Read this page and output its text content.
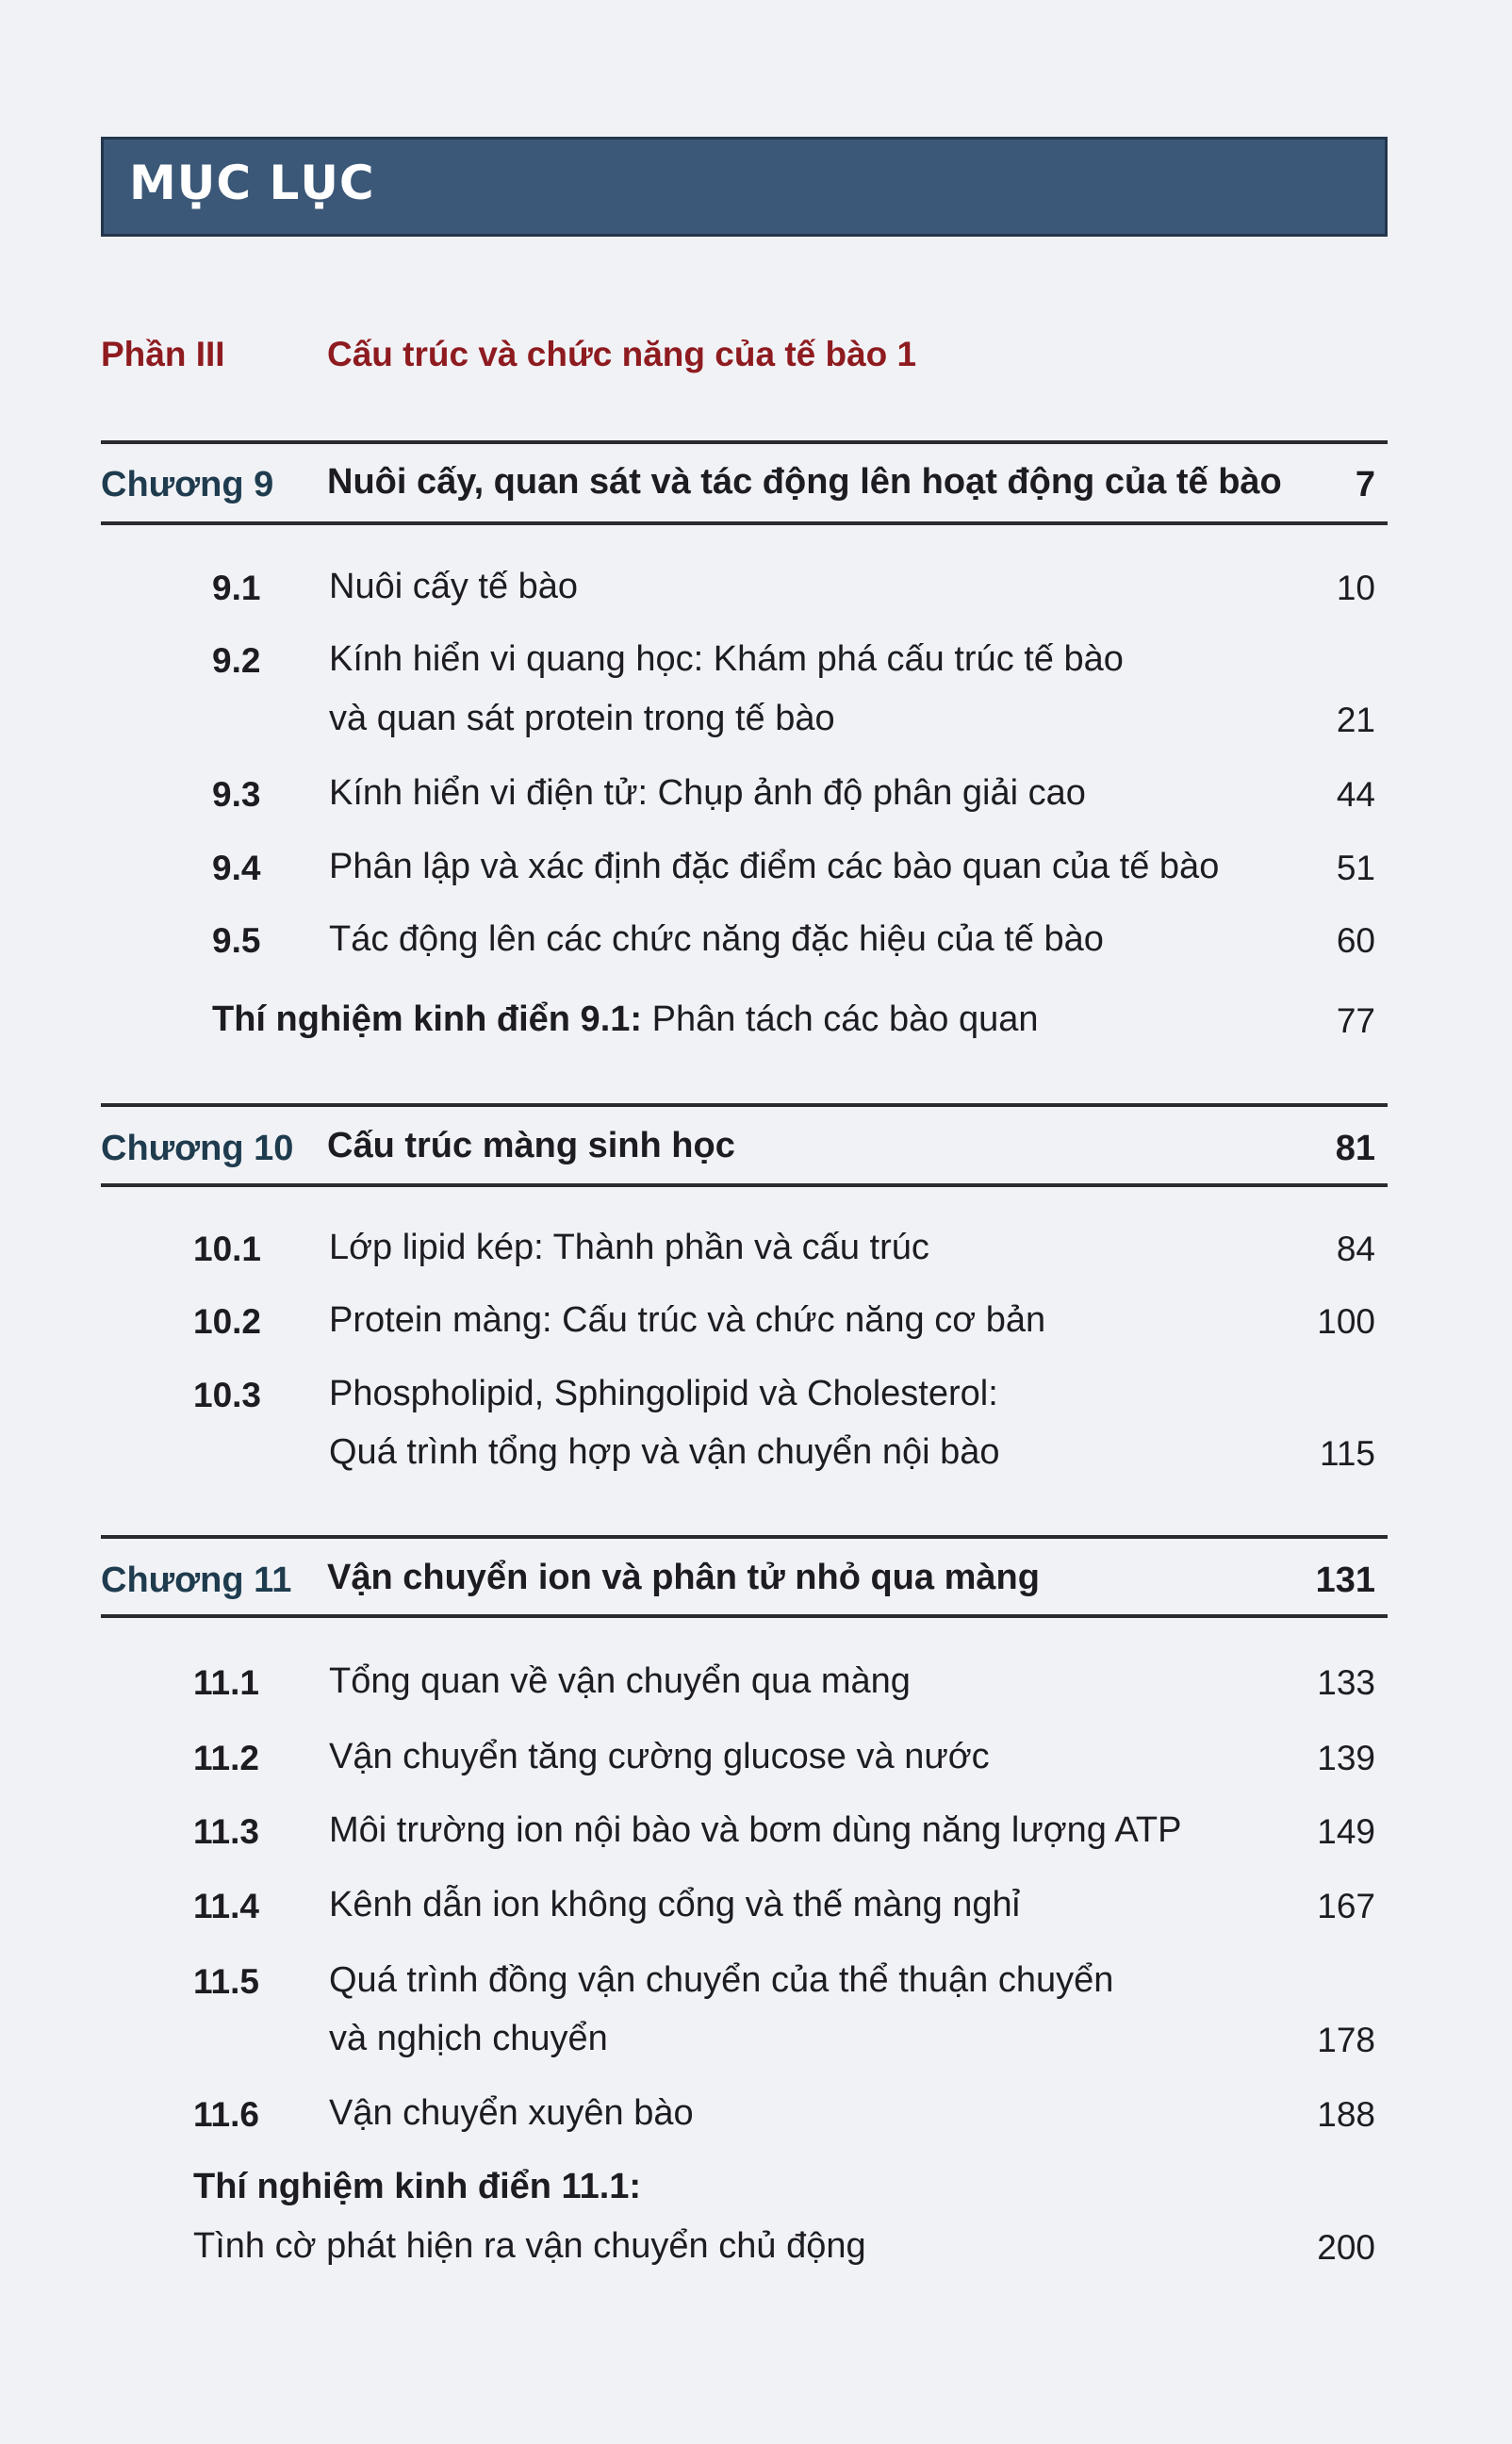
MỤC LỤC
Phần III	Cấu trúc và chức năng của tế bào 1
Chương 9 Nuôi cấy, quan sát và tác động lên hoạt động của tế bào 7
9.1 Nuôi cấy tế bào	10
9.2 Kính hiển vi quang học: Khám phá cấu trúc tế bào
và quan sát protein trong tế bào	21
9.3 Kính hiển vi điện tử: Chụp ảnh độ phân giải cao	44
9.4 Phân lập và xác định đặc điểm các bào quan của tế bào	51
9.5 Tác động lên các chức năng đặc hiệu của tế bào	60
Thí nghiệm kinh điển 9.1: Phân tách các bào quan	77
Chương 10 Cấu trúc màng sinh học	81
10.1 Lớp lipid kép: Thành phần và cấu trúc	84
10.2 Protein màng: Cấu trúc và chức năng cơ bản	100
10.3 Phospholipid, Sphingolipid và Cholesterol:
Quá trình tổng hợp và vận chuyển nội bào	115
Chương 11 Vận chuyển ion và phân tử nhỏ qua màng	131
11.1 Tổng quan về vận chuyển qua màng	133
11.2 Vận chuyển tăng cường glucose và nước	139
11.3 Môi trường ion nội bào và bơm dùng năng lượng ATP	149
11.4 Kênh dẫn ion không cổng và thế màng nghỉ	167
11.5 Quá trình đồng vận chuyển của thể thuận chuyển
và nghịch chuyển	178
11.6 Vận chuyển xuyên bào	188
Thí nghiệm kinh điển 11.1:
Tình cờ phát hiện ra vận chuyển chủ động	200
